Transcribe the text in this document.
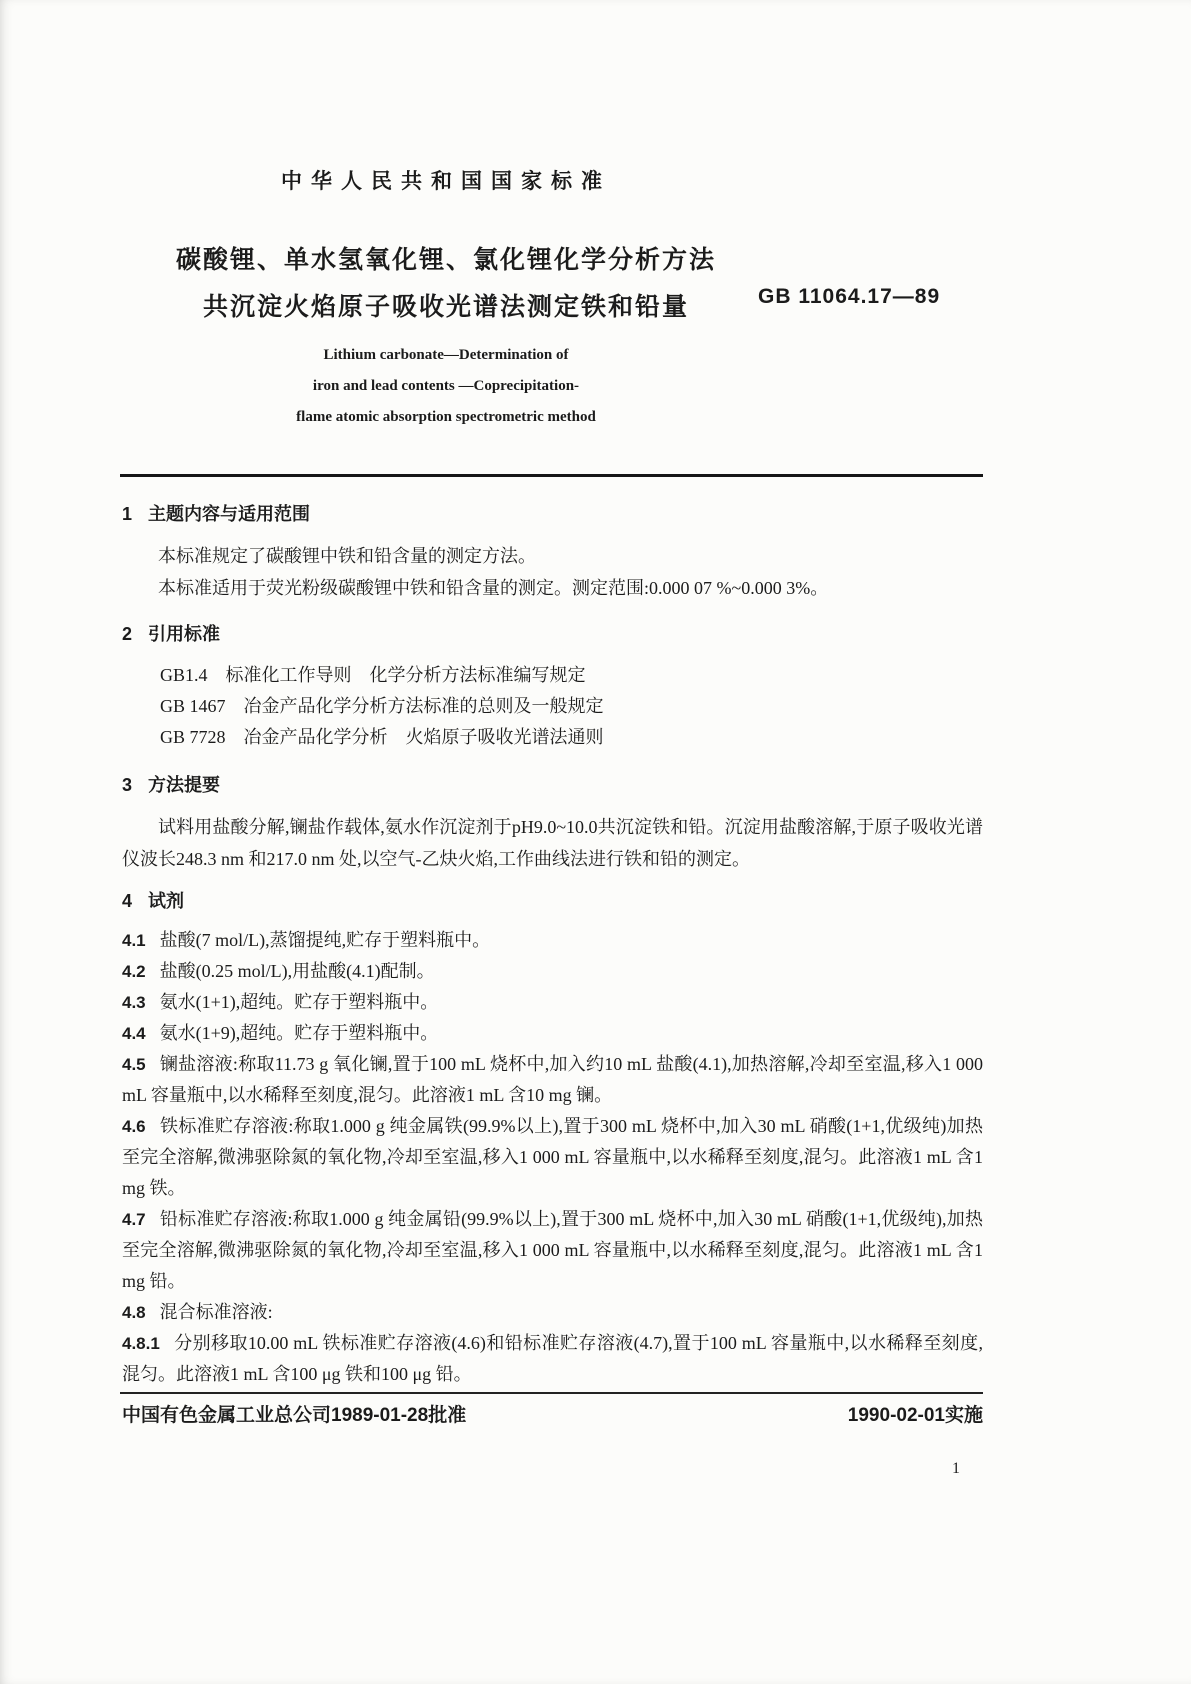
中华人民共和国国家标准
碳酸锂、单水氢氧化锂、氯化锂化学分析方法
共沉淀火焰原子吸收光谱法测定铁和铅量	GB 11064.17—89
Lithium carbonate—Determination of
iron and lead contents —Coprecipitation-
flame atomic absorption spectrometric method
1 主题内容与适用范围

本标准规定了碳酸锂中铁和铅含量的测定方法。

本标准适用于荧光粉级碳酸锂中铁和铅含量的测定。测定范围:0.000 07 %~0.000 3%。

2 引用标准

GB1.4　标准化工作导则　化学分析方法标准编写规定

GB 1467　冶金产品化学分析方法标准的总则及一般规定

GB 7728　冶金产品化学分析　火焰原子吸收光谱法通则

3 方法提要

试料用盐酸分解,镧盐作载体,氨水作沉淀剂于pH9.0~10.0共沉淀铁和铅。沉淀用盐酸溶解,于原子吸收光谱仪波长248.3 nm 和217.0 nm 处,以空气-乙炔火焰,工作曲线法进行铁和铅的测定。

4 试剂

4.1 盐酸(7 mol/L),蒸馏提纯,贮存于塑料瓶中。

4.2 盐酸(0.25 mol/L),用盐酸(4.1)配制。

4.3 氨水(1+1),超纯。贮存于塑料瓶中。

4.4 氨水(1+9),超纯。贮存于塑料瓶中。

4.5 镧盐溶液:称取11.73 g 氧化镧,置于100 mL 烧杯中,加入约10 mL 盐酸(4.1),加热溶解,冷却至室温,移入1 000 mL 容量瓶中,以水稀释至刻度,混匀。此溶液1 mL 含10 mg 镧。

4.6 铁标准贮存溶液:称取1.000 g 纯金属铁(99.9%以上),置于300 mL 烧杯中,加入30 mL 硝酸(1+1,优级纯)加热至完全溶解,微沸驱除氮的氧化物,冷却至室温,移入1 000 mL 容量瓶中,以水稀释至刻度,混匀。此溶液1 mL 含1 mg 铁。

4.7 铅标准贮存溶液:称取1.000 g 纯金属铅(99.9%以上),置于300 mL 烧杯中,加入30 mL 硝酸(1+1,优级纯),加热至完全溶解,微沸驱除氮的氧化物,冷却至室温,移入1 000 mL 容量瓶中,以水稀释至刻度,混匀。此溶液1 mL 含1 mg 铅。

4.8 混合标准溶液:

4.8.1 分别移取10.00 mL 铁标准贮存溶液(4.6)和铅标准贮存溶液(4.7),置于100 mL 容量瓶中,以水稀释至刻度,混匀。此溶液1 mL 含100 μg 铁和100 μg 铅。

中国有色金属工业总公司1989-01-28批准	1990-02-01实施
1
